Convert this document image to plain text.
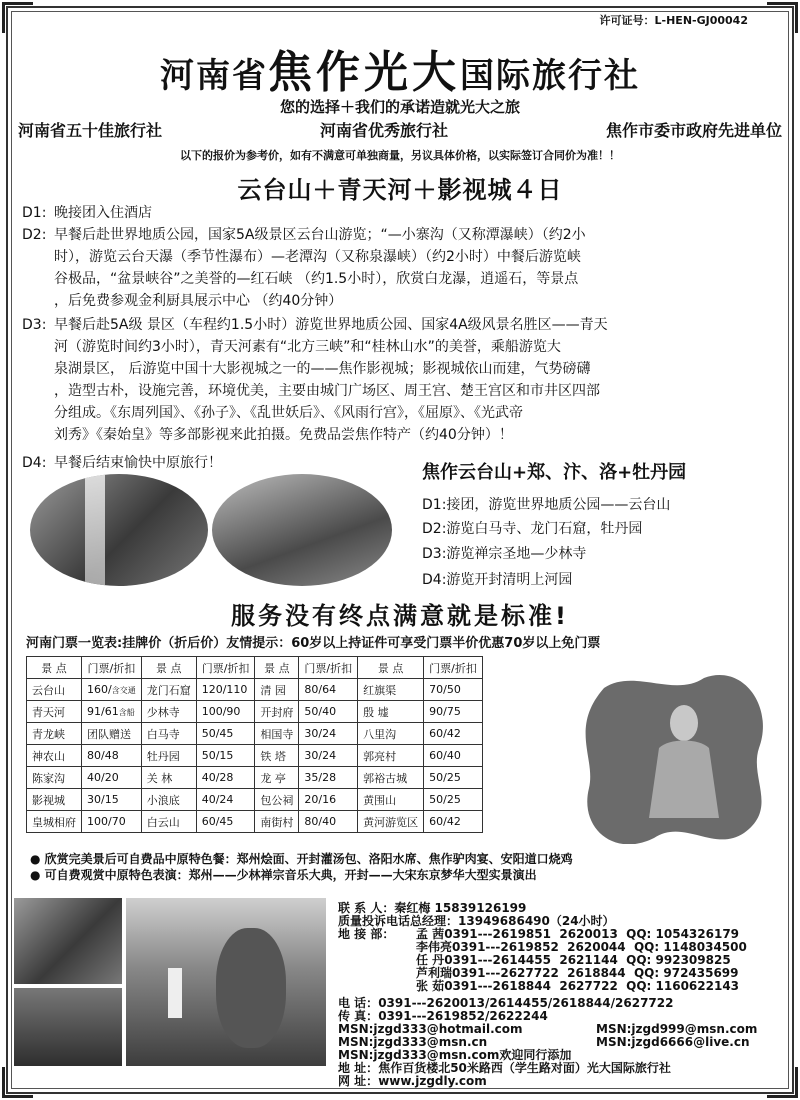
许可证号：L-HEN-GJ00042
河南省焦作光大国际旅行社
您的选择＋我们的承诺造就光大之旅
河南省五十佳旅行社	河南省优秀旅行社	焦作市委市政府先进单位
以下的报价为参考价，如有不满意可单独商量，另议具体价格，以实际签订合同价为准！！
云台山＋青天河＋影视城４日
D1: 晚接团入住酒店
D2: 早餐后赴世界地质公园，国家5A级景区云台山游览；“—小寨沟（又称潭瀑峡）（约2小
时），游览云台天瀑（季节性瀑布）—老潭沟（又称泉瀑峡）（约2小时）中餐后游览峡
谷极品，“盆景峡谷”之美誉的—红石峡 （约1.5小时），欣赏白龙瀑，逍遥石，等景点
，后免费参观金利厨具展示中心 （约40分钟）
D3: 早餐后赴5A级 景区（车程约1.5小时）游览世界地质公园、国家4A级风景名胜区——青天
河（游览时间约3小时），青天河素有“北方三峡”和“桂林山水”的美誉，乘船游览大
泉湖景区， 后游览中国十大影视城之一的——焦作影视城；影视城依山而建，气势磅礴
，造型古朴，设施完善，环境优美，主要由城门广场区、周王宫、楚王宫区和市井区四部
分组成。《东周列国》、《孙子》、《乱世妖后》、《风雨行宫》，《屈原》、《光武帝
刘秀》《秦始皇》等多部影视来此拍摄。免费品尝焦作特产（约40分钟）！
D4: 早餐后结束愉快中原旅行！	焦作云台山+郑、汴、洛+牡丹园
D1:接团，游览世界地质公园——云台山
D2:游览白马寺、龙门石窟，牡丹园
D3:游览禅宗圣地—少林寺
D4:游览开封清明上河园
服务没有终点满意就是标准!
河南门票一览表:挂牌价（折后价）友情提示：60岁以上持证件可享受门票半价优惠70岁以上免门票
景 点	门票/折扣	景 点	门票/折扣	景 点	门票/折扣	景 点	门票/折扣
云台山	160/含交通	龙门石窟	120/110	清 园	80/64	红旗渠	70/50
青天河	91/61含船	少林寺	100/90	开封府	50/40	殷 墟	90/75
青龙峡	团队赠送	白马寺	50/45	相国寺	30/24	八里沟	60/42
神农山	80/48	牡丹园	50/15	铁 塔	30/24	郭亮村	60/40
陈家沟	40/20	关 林	40/28	龙 亭	35/28	郭裕古城	50/25
影视城	30/15	小浪底	40/24	包公祠	20/16	黄围山	50/25
皇城相府	100/70	白云山	60/45	南街村	80/40	黄河游览区	60/42
● 欣赏完美景后可自费品中原特色餐：郑州烩面、开封灌汤包、洛阳水席、焦作驴肉宴、安阳道口烧鸡
● 可自费观赏中原特色表演：郑州——少林禅宗音乐大典，开封——大宋东京梦华大型实景演出
联 系 人：秦红梅 15839126199
质量投诉电话总经理：13949686490（24小时）
地 接 部： 孟 茜0391---2619851 2620013 QQ: 1054326179
李伟亮0391---2619852 2620044 QQ: 1148034500
任 丹0391---2614455 2621144 QQ: 992309825
芦利瑞0391---2627722 2618844 QQ: 972435699
张 茹0391---2618844 2627722 QQ: 1160622143
电 话：0391---2620013/2614455/2618844/2627722
传 真：0391---2619852/2622244
MSN:jzgd333@hotmail.com	MSN:jzgd999@msn.com
MSN:jzgd333@msn.cn	MSN:jzgd6666@live.cn
MSN:jzgd333@msn.com欢迎同行添加
地 址：焦作百货楼北50米路西（学生路对面）光大国际旅行社
网 址：www.jzgdly.com
